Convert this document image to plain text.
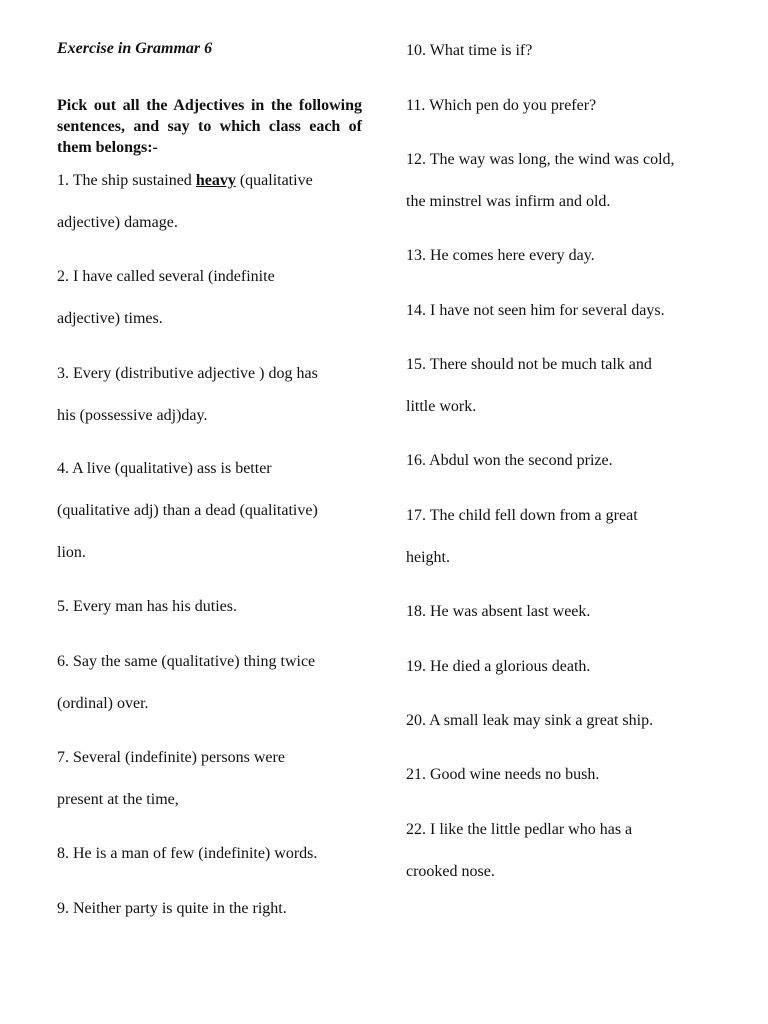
Exercise in Grammar 6
Pick out all the Adjectives in the following sentences, and say to which class each of them belongs:-
1. The ship sustained heavy (qualitative
adjective) damage.
2. I have called several (indefinite
adjective) times.
3. Every (distributive adjective ) dog has
his (possessive adj)day.
4. A live (qualitative) ass is better
(qualitative adj) than a dead (qualitative)
lion.
5. Every man has his duties.
6. Say the same (qualitative) thing twice
(ordinal) over.
7. Several (indefinite) persons were
present at the time,
8. He is a man of few (indefinite) words.
9. Neither party is quite in the right.
10. What time is if?
11. Which pen do you prefer?
12. The way was long, the wind was cold,
the minstrel was infirm and old.
13. He comes here every day.
14. I have not seen him for several days.
15. There should not be much talk and
little work.
16. Abdul won the second prize.
17. The child fell down from a great
height.
18. He was absent last week.
19. He died a glorious death.
20. A small leak may sink a great ship.
21. Good wine needs no bush.
22. I like the little pedlar who has a
crooked nose.
